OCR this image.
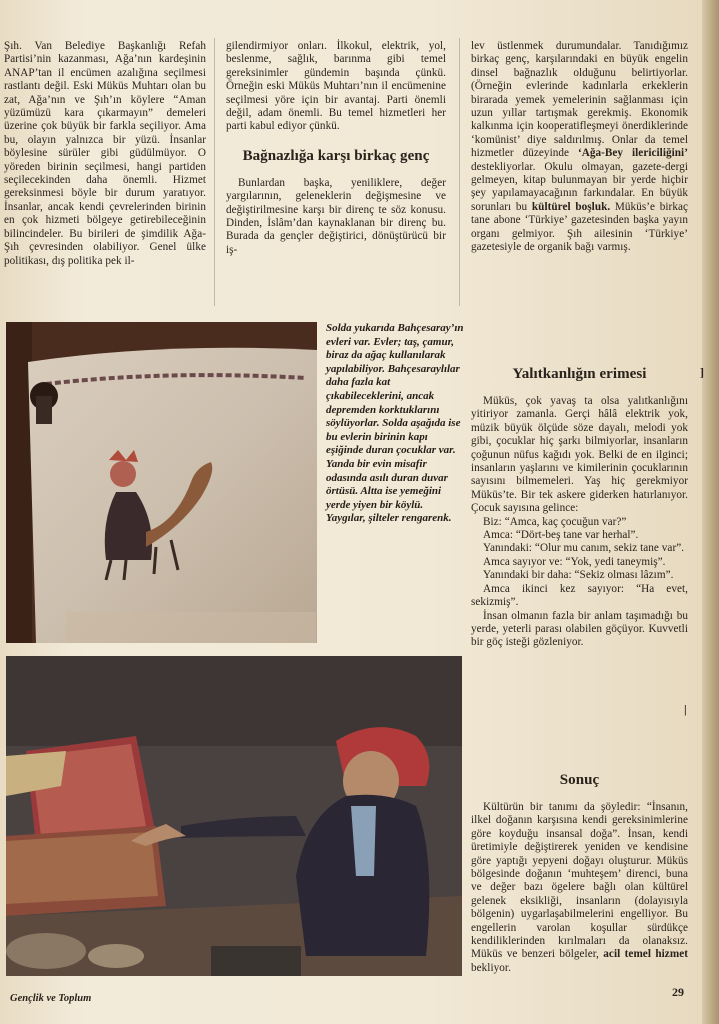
Şıh. Van Belediye Başkanlığı Refah Partisi’nin kazanması, Ağa’nın kardeşinin ANAP’tan il encümen azalığına seçilmesi rastlantı değil. Eski Müküs Muhtarı olan bu zat, Ağa’nın ve Şıh’ın köylere “Aman yüzümüzü kara çıkarmayın” demeleri üzerine çok büyük bir farkla seçiliyor. Ama bu, olayın yalnızca bir yüzü. İnsanlar böylesine sürüler gibi güdülmüyor. O yöreden birinin seçilmesi, hangi partiden seçilecekinden daha önemli. Hizmet gereksinmesi böyle bir durum yaratıyor. İnsanlar, ancak kendi çevrelerinden birinin en çok hizmeti bölgeye getirebileceğinin bilincindeler. Bu birileri de şimdilik Ağa-Şıh çevresinden olabiliyor. Genel ülke politikası, dış politika pek il-

gilendirmiyor onları. İlkokul, elektrik, yol, beslenme, sağlık, barınma gibi temel gereksinimler gündemin başında çünkü. Örneğin eski Müküs Muhtarı’nın il encümenine seçilmesi yöre için bir avantaj. Parti önemli değil, adam önemli. Bu temel hizmetleri her parti kabul ediyor çünkü.

Bağnazlığa karşı birkaç genç

Bunlardan başka, yeniliklere, değer yargılarının, geleneklerin değişmesine ve değiştirilmesine karşı bir direnç te söz konusu. Dinden, İslâm’dan kaynaklanan bir direnç bu. Burada da gençler değiştirici, dönüştürücü bir iş-

lev üstlenmek durumundalar. Tanıdığımız birkaç genç, karşılarındaki en büyük engelin dinsel bağnazlık olduğunu belirtiyorlar. (Örneğin evlerinde kadınlarla erkeklerin birarada yemek yemelerinin sağlanması için uzun yıllar tartışmak gerekmiş. Ekonomik kalkınma için kooperatifleşmeyi önerdiklerinde ‘komünist’ diye saldırılmış. Onlar da temel hizmetler düzeyinde ‘Ağa-Bey ilericiliğini’ destekliyorlar. Okulu olmayan, gazete-dergi gelmeyen, kitap bulunmayan bir yerde hiçbir şey yapılamayacağının farkındalar. En büyük sorunları bu kültürel boşluk. Müküs’e birkaç tane abone ‘Türkiye’ gazetesinden başka yayın organı gelmiyor. Şıh ailesinin ‘Türkiye’ gazetesiyle de organik bağı varmış.

Yalıtkanlığın erimesi

Müküs, çok yavaş ta olsa yalıtkanlığını yitiriyor zamanla. Gerçi hâlâ elektrik yok, müzik büyük ölçüde söze dayalı, melodi yok gibi, çocuklar hiç şarkı bilmiyorlar, insanların çoğunun nüfus kağıdı yok. Belki de en ilginci; insanların yaşlarını ve kimilerinin çocuklarının sayısını bilmemeleri. Yaş hiç gerekmiyor Müküs’te. Bir tek askere giderken hatırlanıyor. Çocuk sayısına gelince:

Biz: “Amca, kaç çocuğun var?”

Amca: “Dört-beş tane var herhal”.

Yanındaki: “Olur mu canım, sekiz tane var”.

Amca sayıyor ve: “Yok, yedi taneymiş”.

Yanındaki bir daha: “Sekiz olması lâzım”.

Amca ikinci kez sayıyor: “Ha evet, sekizmiş”.

İnsan olmanın fazla bir anlam taşımadığı bu yerde, yeterli parası olabilen göçüyor. Kuvvetli bir göç isteği gözleniyor.

Sonuç

Kültürün bir tanımı da şöyledir: “İnsanın, ilkel doğanın karşısına kendi gereksinimlerine göre koyduğu insansal doğa”. İnsan, kendi üretimiyle değiştirerek yeniden ve kendisine göre yaptığı yepyeni doğayı oluşturur. Müküs bölgesinde doğanın ‘muhteşem’ direnci, buna ve değer bazı ögelere bağlı olan kültürel gelenek eksikliği, insanların (dolayısıyla bölgenin) uygarlaşabilmelerini engelliyor. Bu engellerin varolan koşullar sürdükçe kendiliklerinden kırılmaları da olanaksız. Müküs ve benzeri bölgeler, acil temel hizmet bekliyor.

Solda yukarıda Bahçesaray’ın evleri var. Evler; taş, çamur, biraz da ağaç kullanılarak yapılabiliyor. Bahçesaraylılar daha fazla kat çıkabileceklerini, ancak depremden korktuklarını söylüyorlar. Solda aşağıda ise bu evlerin birinin kapı eşiğinde duran çocuklar var. Yanda bir evin misafir odasında asılı duran duvar örtüsü. Altta ise yemeğini yerde yiyen bir köylü. Yaygılar, şilteler rengarenk.
]
|
Gençlik ve Toplum	29
